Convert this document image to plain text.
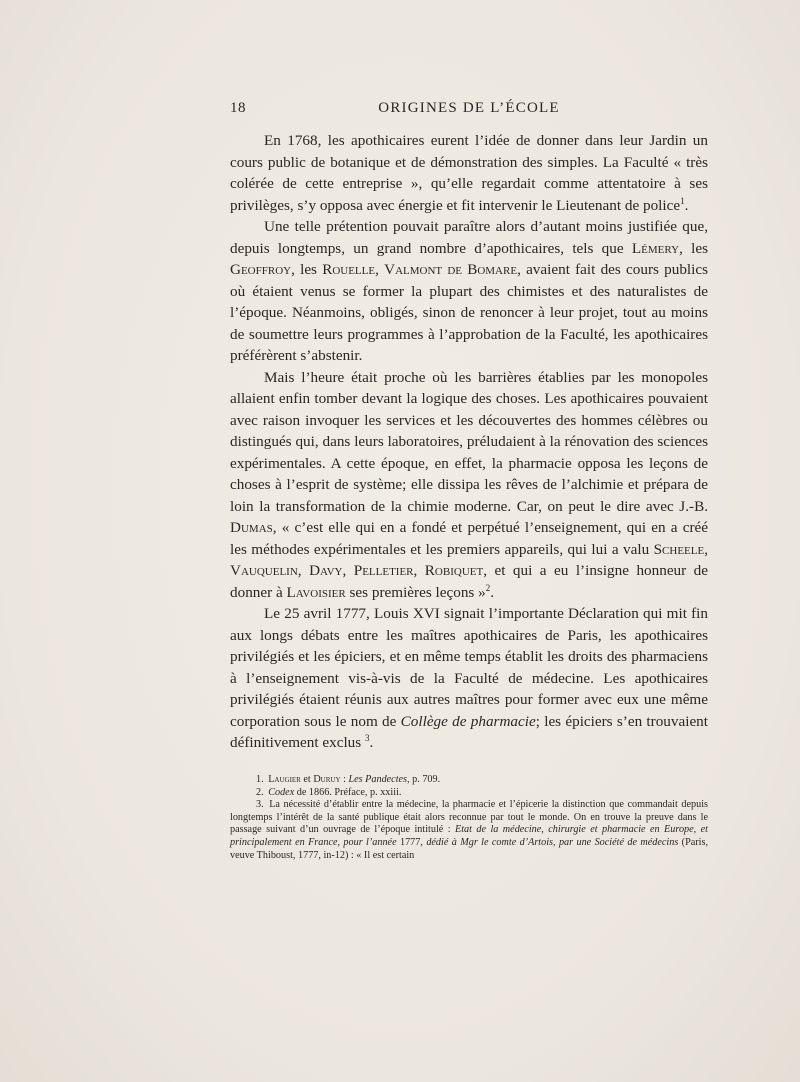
18	ORIGINES DE L’ÉCOLE

En 1768, les apothicaires eurent l’idée de donner dans leur Jardin un cours public de botanique et de démonstration des simples. La Faculté « très colérée de cette entreprise », qu’elle regardait comme attentatoire à ses privilèges, s’y opposa avec énergie et fit intervenir le Lieutenant de police$^1$.

Une telle prétention pouvait paraître alors d’autant moins justifiée que, depuis longtemps, un grand nombre d’apothicaires, tels que Lémery, les Geoffroy, les Rouelle, Valmont de Bomare, avaient fait des cours publics où étaient venus se former la plupart des chimistes et des naturalistes de l’époque. Néanmoins, obligés, sinon de renoncer à leur projet, tout au moins de soumettre leurs programmes à l’approbation de la Faculté, les apothicaires préférèrent s’abstenir.

Mais l’heure était proche où les barrières établies par les monopoles allaient enfin tomber devant la logique des choses. Les apothicaires pouvaient avec raison invoquer les services et les découvertes des hommes célèbres ou distingués qui, dans leurs laboratoires, préludaient à la rénovation des sciences expérimentales. A cette époque, en effet, la pharmacie opposa les leçons de choses à l’esprit de système; elle dissipa les rêves de l’alchimie et prépara de loin la transformation de la chimie moderne. Car, on peut le dire avec J.-B. Dumas, « c’est elle qui en a fondé et perpétué l’enseignement, qui en a créé les méthodes expérimentales et les premiers appareils, qui lui a valu Scheele, Vauquelin, Davy, Pelletier, Robiquet, et qui a eu l’insigne honneur de donner à Lavoisier ses premières leçons »$^2$.

Le 25 avril 1777, Louis XVI signait l’importante Déclaration qui mit fin aux longs débats entre les maîtres apothicaires de Paris, les apothicaires privilégiés et les épiciers, et en même temps établit les droits des pharmaciens à l’enseignement vis-à-vis de la Faculté de médecine. Les apothicaires privilégiés étaient réunis aux autres maîtres pour former avec eux une même corporation sous le nom de Collège de pharmacie; les épiciers s’en trouvaient définitivement exclus $^3$.

1. Laugier et Duruy : Les Pandectes, p. 709.

2. Codex de 1866. Préface, p. xxiii.

3. La nécessité d’établir entre la médecine, la pharmacie et l’épicerie la distinction que commandait depuis longtemps l’intérêt de la santé publique était alors reconnue par tout le monde. On en trouve la preuve dans le passage suivant d’un ouvrage de l’époque intitulé : Etat de la médecine, chirurgie et pharmacie en Europe, et principalement en France, pour l’année 1777, dédié à Mgr le comte d’Artois, par une Société de médecins (Paris, veuve Thiboust, 1777, in-12) : « Il est certain
